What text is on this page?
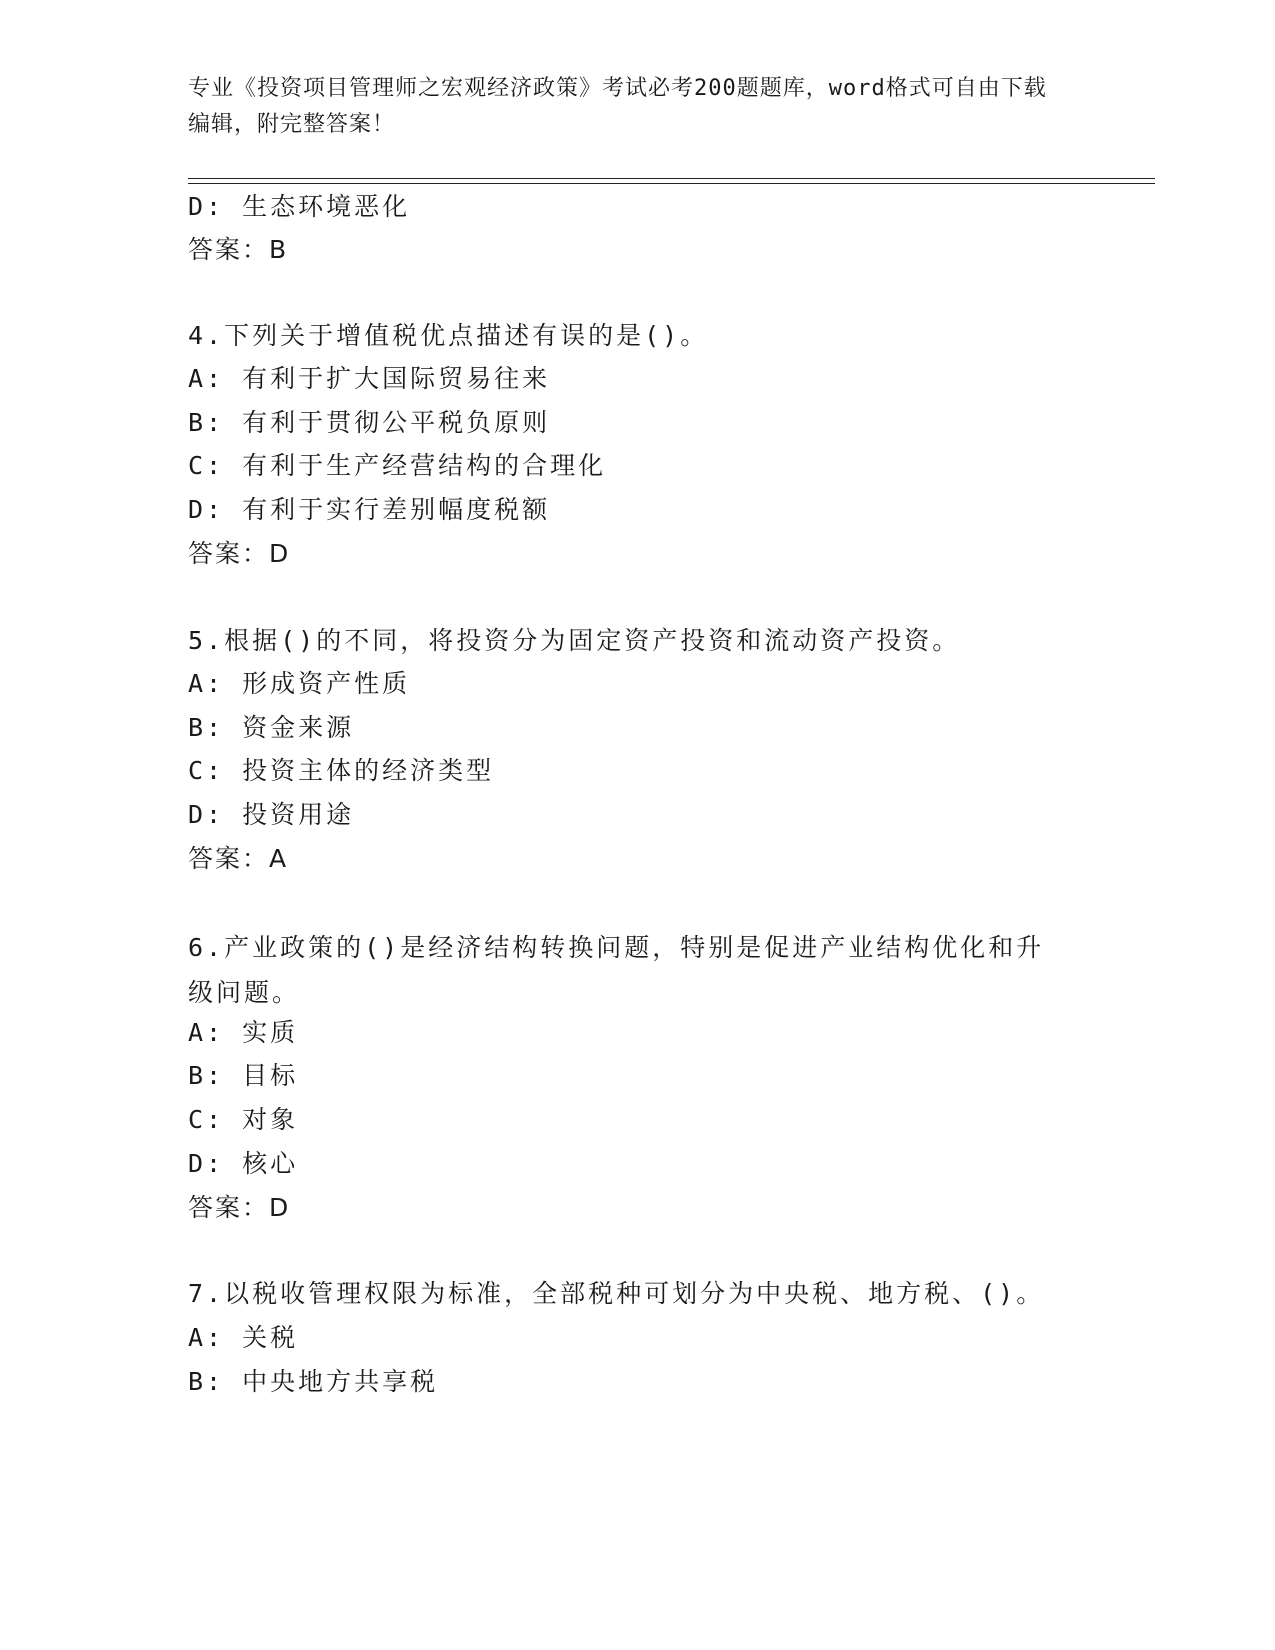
专业《投资项目管理师之宏观经济政策》考试必考200题题库，word格式可自由下载编辑，附完整答案！
D: 生态环境恶化
答案：B
4.下列关于增值税优点描述有误的是()。
A: 有利于扩大国际贸易往来
B: 有利于贯彻公平税负原则
C: 有利于生产经营结构的合理化
D: 有利于实行差别幅度税额
答案：D
5.根据()的不同，将投资分为固定资产投资和流动资产投资。
A: 形成资产性质
B: 资金来源
C: 投资主体的经济类型
D: 投资用途
答案：A
6.产业政策的()是经济结构转换问题，特别是促进产业结构优化和升级问题。
A: 实质
B: 目标
C: 对象
D: 核心
答案：D
7.以税收管理权限为标准，全部税种可划分为中央税、地方税、()。
A: 关税
B: 中央地方共享税
